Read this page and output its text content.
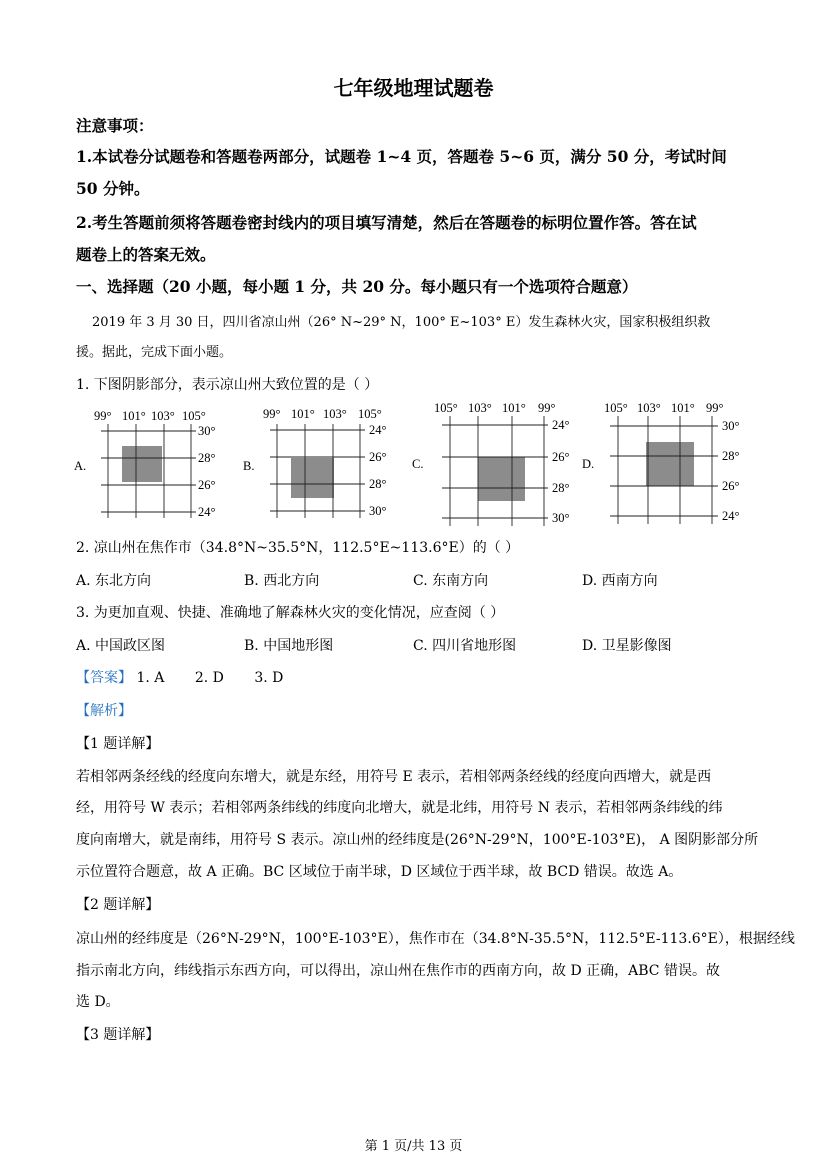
七年级地理试题卷
注意事项：
1.本试卷分试题卷和答题卷两部分，试题卷 1~4 页，答题卷 5~6 页，满分 50 分，考试时间
50 分钟。
2.考生答题前须将答题卷密封线内的项目填写清楚，然后在答题卷的标明位置作答。答在试
题卷上的答案无效。
一、选择题（20 小题，每小题 1 分，共 20 分。每小题只有一个选项符合题意）
2019 年 3 月 30 日，四川省凉山州（26° N~29° N，100° E~103° E）发生森林火灾，国家积极组织救
援。据此，完成下面小题。
1. 下图阴影部分，表示凉山州大致位置的是（ ）
A.
99° 101° 103° 105°
30°
28°
26°
24°
B.
99° 101° 103° 105°
24°
26°
28°
30°
C.
105° 103° 101° 99°
24°
26°
28°
30°
D.
105° 103° 101° 99°
30°
28°
26°
24°
2. 凉山州在焦作市（34.8°N~35.5°N，112.5°E~113.6°E）的（ ）
A. 东北方向	B. 西北方向	C. 东南方向	D. 西南方向
3. 为更加直观、快捷、准确地了解森林火灾的变化情况，应查阅（ ）
A. 中国政区图	B. 中国地形图	C. 四川省地形图	D. 卫星影像图
【答案】 1. A 2. D 3. D
【解析】
【1 题详解】
若相邻两条经线的经度向东增大，就是东经，用符号 E 表示，若相邻两条经线的经度向西增大，就是西
经，用符号 W 表示；若相邻两条纬线的纬度向北增大，就是北纬，用符号 N 表示，若相邻两条纬线的纬
度向南增大，就是南纬，用符号 S 表示。凉山州的经纬度是(26°N-29°N，100°E-103°E)， A 图阴影部分所
示位置符合题意，故 A 正确。BC 区域位于南半球，D 区域位于西半球，故 BCD 错误。故选 A。
【2 题详解】
凉山州的经纬度是（26°N-29°N，100°E-103°E），焦作市在（34.8°N-35.5°N，112.5°E-113.6°E），根据经线
指示南北方向，纬线指示东西方向，可以得出，凉山州在焦作市的西南方向，故 D 正确，ABC 错误。故
选 D。
【3 题详解】
第 1 页/共 13 页
